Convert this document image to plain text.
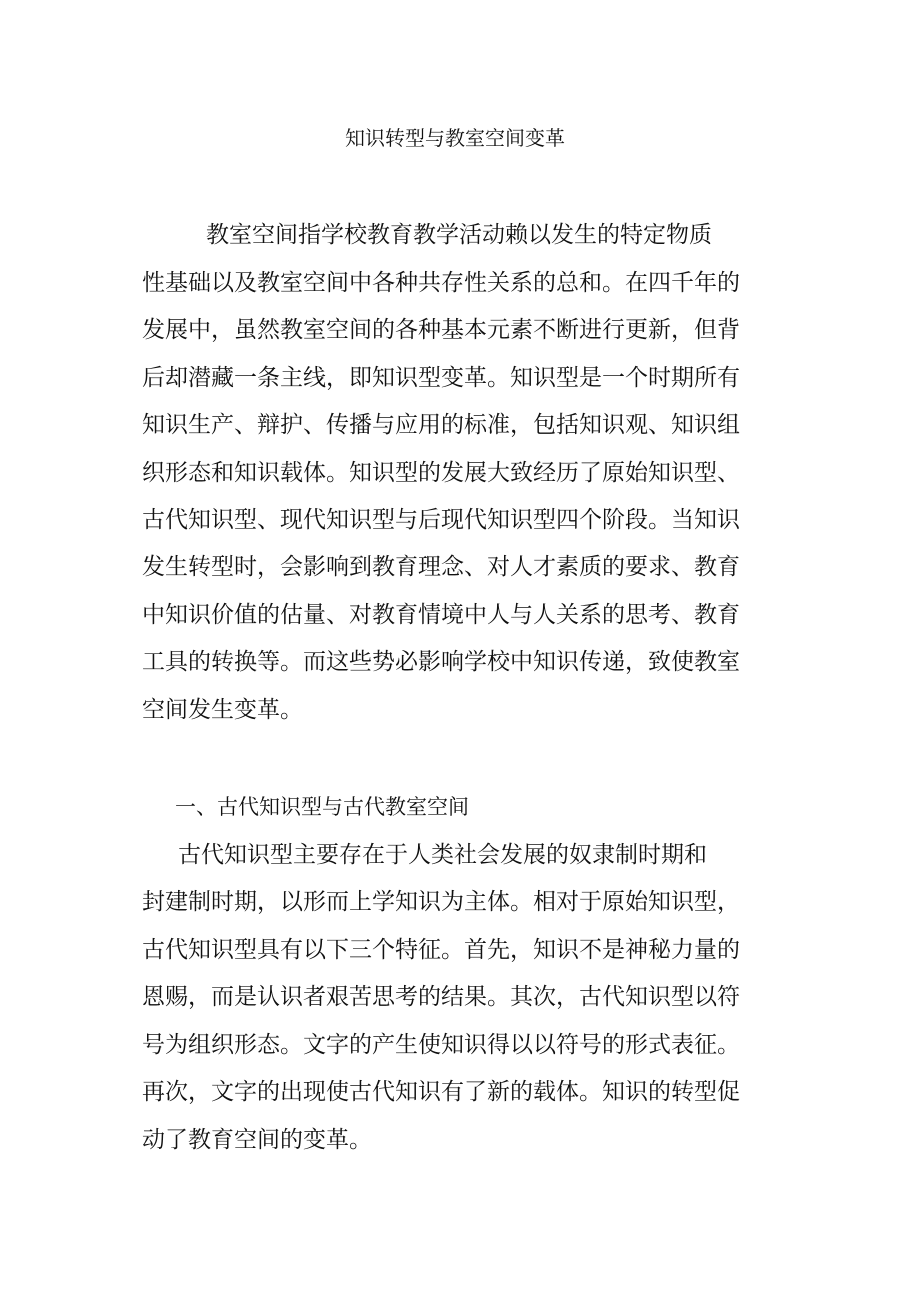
知识转型与教室空间变革
教室空间指学校教育教学活动赖以发生的特定物质
性基础以及教室空间中各种共存性关系的总和。在四千年的
发展中，虽然教室空间的各种基本元素不断进行更新，但背
后却潜藏一条主线，即知识型变革。知识型是一个时期所有
知识生产、辩护、传播与应用的标准，包括知识观、知识组
织形态和知识载体。知识型的发展大致经历了原始知识型、
古代知识型、现代知识型与后现代知识型四个阶段。当知识
发生转型时，会影响到教育理念、对人才素质的要求、教育
中知识价值的估量、对教育情境中人与人关系的思考、教育
工具的转换等。而这些势必影响学校中知识传递，致使教室
空间发生变革。
一、古代知识型与古代教室空间
古代知识型主要存在于人类社会发展的奴隶制时期和
封建制时期，以形而上学知识为主体。相对于原始知识型，
古代知识型具有以下三个特征。首先，知识不是神秘力量的
恩赐，而是认识者艰苦思考的结果。其次，古代知识型以符
号为组织形态。文字的产生使知识得以以符号的形式表征。
再次，文字的出现使古代知识有了新的载体。知识的转型促
动了教育空间的变革。
